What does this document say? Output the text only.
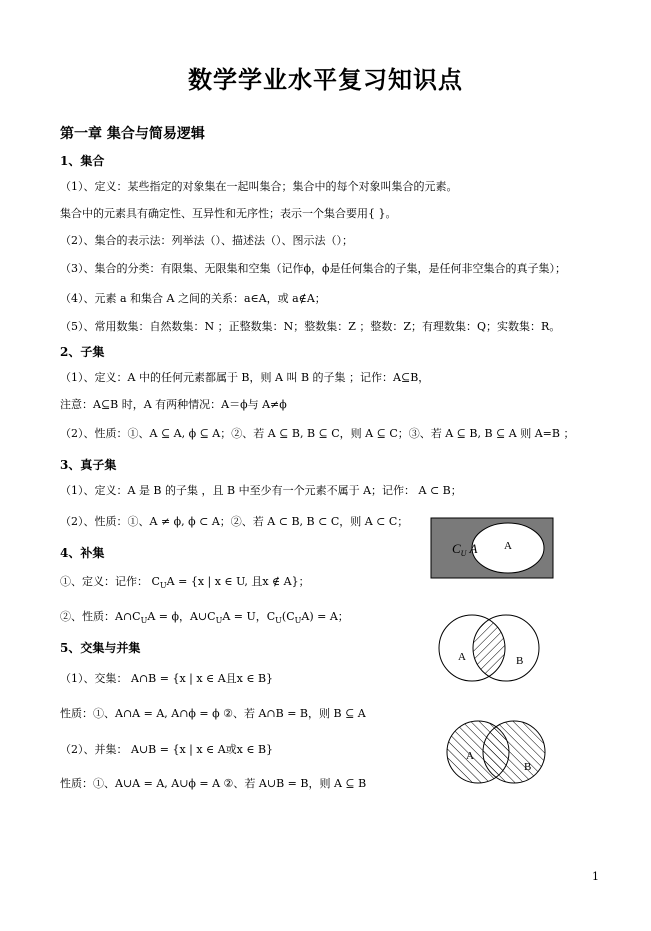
数学学业水平复习知识点
第一章 集合与简易逻辑
1、集合
（1）、定义：某些指定的对象集在一起叫集合；集合中的每个对象叫集合的元素。
集合中的元素具有确定性、互异性和无序性；表示一个集合要用{ }。
（2）、集合的表示法：列举法（）、描述法（）、图示法（）；
（3）、集合的分类：有限集、无限集和空集（记作ϕ，ϕ是任何集合的子集，是任何非空集合的真子集）；
（4）、元素 a 和集合 A 之间的关系：a∈A，或 a∉A；
（5）、常用数集：自然数集：N ；正整数集：N；整数集：Z ；整数：Z；有理数集：Q；实数集：R。
2、子集
（1）、定义：A 中的任何元素都属于 B，则 A 叫 B 的子集 ；记作：A⊆B，
注意：A⊆B 时，A 有两种情况：A＝ϕ与 A≠ϕ
（2）、性质：①、A ⊆ A, ϕ ⊆ A；②、若 A ⊆ B, B ⊆ C，则 A ⊆ C；③、若 A ⊆ B, B ⊆ A 则 A=B ；
3、真子集
（1）、定义：A 是 B 的子集 ，且 B 中至少有一个元素不属于 A；记作： A ⊂ B；
（2）、性质：①、A ≠ ϕ, ϕ ⊂ A；②、若 A ⊂ B, B ⊂ C，则 A ⊂ C；
4、补集
①、定义：记作： $C_UA = \{x$ | x ∈ U, 且x ∉ A}；
②、性质：$A\cap C_UA = \phi$，$A\cup C_UA = U$，$C_U(C_UA) = A$；
5、交集与并集
（1）、交集： A∩B = {x | x ∈ A且x ∈ B}
性质：①、A∩A = A, A∩ϕ = ϕ ②、若 A∩B = B，则 B ⊆ A
（2）、并集： A∪B = {x | x ∈ A或x ∈ B}
性质：①、A∪A = A, A∪ϕ = A ②、若 A∪B = B，则 A ⊆ B
$C_U$ A A
A	B
A
B
1
